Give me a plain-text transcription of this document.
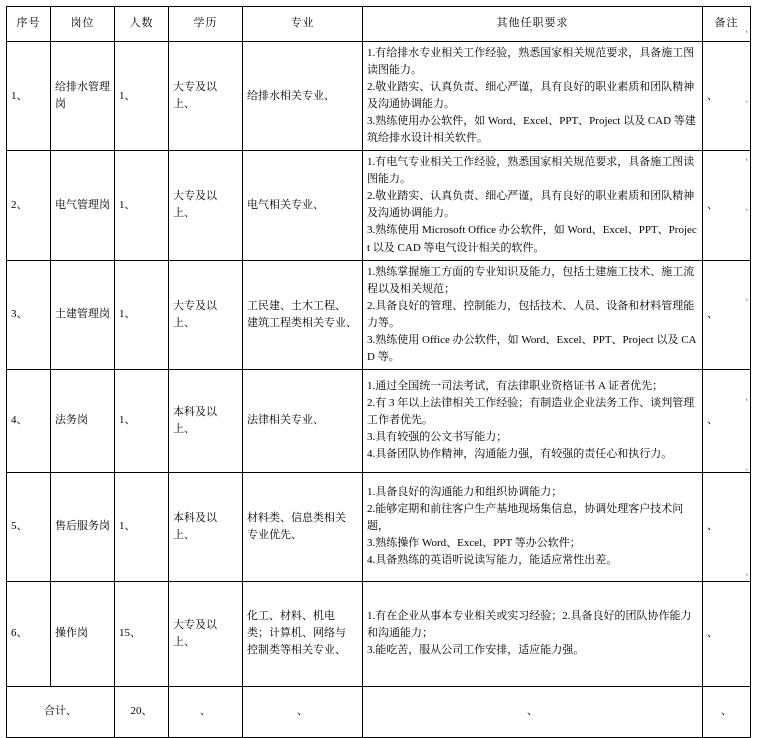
序号	岗位	人数	学历	专业	其他任职要求	备注
1、	给排水管理岗	1、	大专及以上、	给排水相关专业、	1.有给排水专业相关工作经验，熟悉国家相关规范要求，具备施工图读图能力。
2.敬业踏实、认真负责、细心严谨，具有良好的职业素质和团队精神及沟通协调能力。
3.熟练使用办公软件，如 Word、Excel、PPT、Project 以及 CAD 等建筑给排水设计相关软件。	、
2、	电气管理岗	1、	大专及以上、	电气相关专业、	1.有电气专业相关工作经验，熟悉国家相关规范要求，具备施工图读图能力。
2.敬业踏实、认真负责、细心严谨，具有良好的职业素质和团队精神及沟通协调能力。
3.熟练使用 Microsoft Office 办公软件，如 Word、Excel、PPT、Project 以及 CAD 等电气设计相关的软件。	、
3、	土建管理岗	1、	大专及以上、	工民建、土木工程、
建筑工程类相关专业、	1.熟练掌握施工方面的专业知识及能力，包括土建施工技术、施工流程以及相关规范；
2.具备良好的管理、控制能力，包括技术、人员、设备和材料管理能力等。
3.熟练使用 Office 办公软件，如 Word、Excel、PPT、Project 以及 CAD 等。	、
4、	法务岗	1、	本科及以上、	法律相关专业、	1.通过全国统一司法考试，有法律职业资格证书 A 证者优先；
2.有 3 年以上法律相关工作经验；有制造业企业法务工作、谈判管理工作者优先。
3.具有较强的公文书写能力；
4.具备团队协作精神，沟通能力强，有较强的责任心和执行力。	、
5、	售后服务岗	1、	本科及以上、	材料类、信息类相关
专业优先、	1.具备良好的沟通能力和组织协调能力；
2.能够定期和前往客户生产基地现场集信息，协调处理客户技术问题，
3.熟练操作 Word、Excel、PPT 等办公软件；
4.具备熟练的英语听说读写能力，能适应常性出差。	、
6、	操作岗	15、	大专及以上、	化工、材料、机电
类；计算机、网络与
控制类等相关专业、	1.有在企业从事本专业相关或实习经验；2.具备良好的团队协作能力和沟通能力；
3.能吃苦，服从公司工作安排，适应能力强。	、
合计、		20、	、	、	、	、
、
、
、
、
、
、
、
、
